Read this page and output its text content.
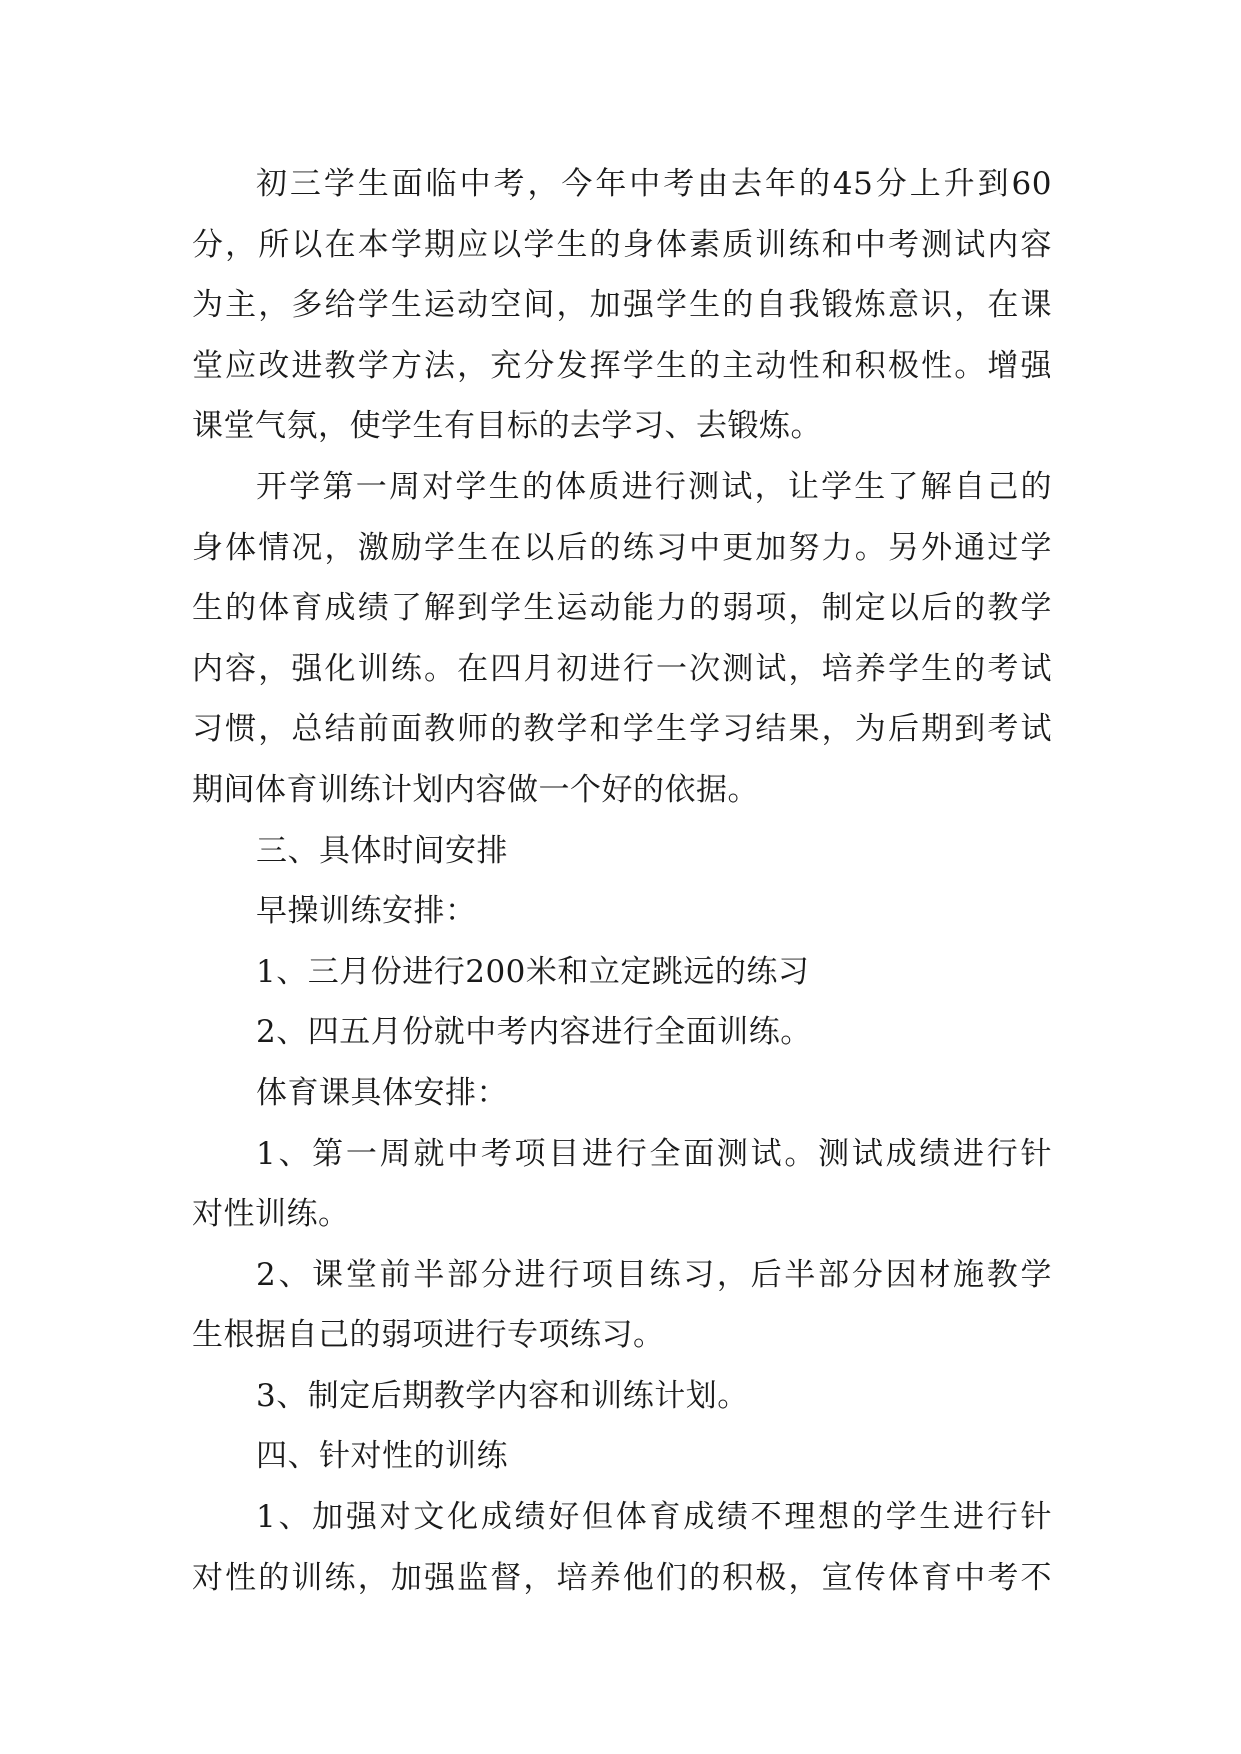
初三学生面临中考，今年中考由去年的45分上升到60
分，所以在本学期应以学生的身体素质训练和中考测试内容
为主，多给学生运动空间，加强学生的自我锻炼意识，在课
堂应改进教学方法，充分发挥学生的主动性和积极性。增强
课堂气氛，使学生有目标的去学习、去锻炼。
开学第一周对学生的体质进行测试，让学生了解自己的
身体情况，激励学生在以后的练习中更加努力。另外通过学
生的体育成绩了解到学生运动能力的弱项，制定以后的教学
内容，强化训练。在四月初进行一次测试，培养学生的考试
习惯，总结前面教师的教学和学生学习结果，为后期到考试
期间体育训练计划内容做一个好的依据。
三、具体时间安排
早操训练安排：
1、三月份进行200米和立定跳远的练习
2、四五月份就中考内容进行全面训练。
体育课具体安排：
1、第一周就中考项目进行全面测试。测试成绩进行针
对性训练。
2、课堂前半部分进行项目练习，后半部分因材施教学
生根据自己的弱项进行专项练习。
3、制定后期教学内容和训练计划。
四、针对性的训练
1、加强对文化成绩好但体育成绩不理想的学生进行针
对性的训练，加强监督，培养他们的积极，宣传体育中考不
